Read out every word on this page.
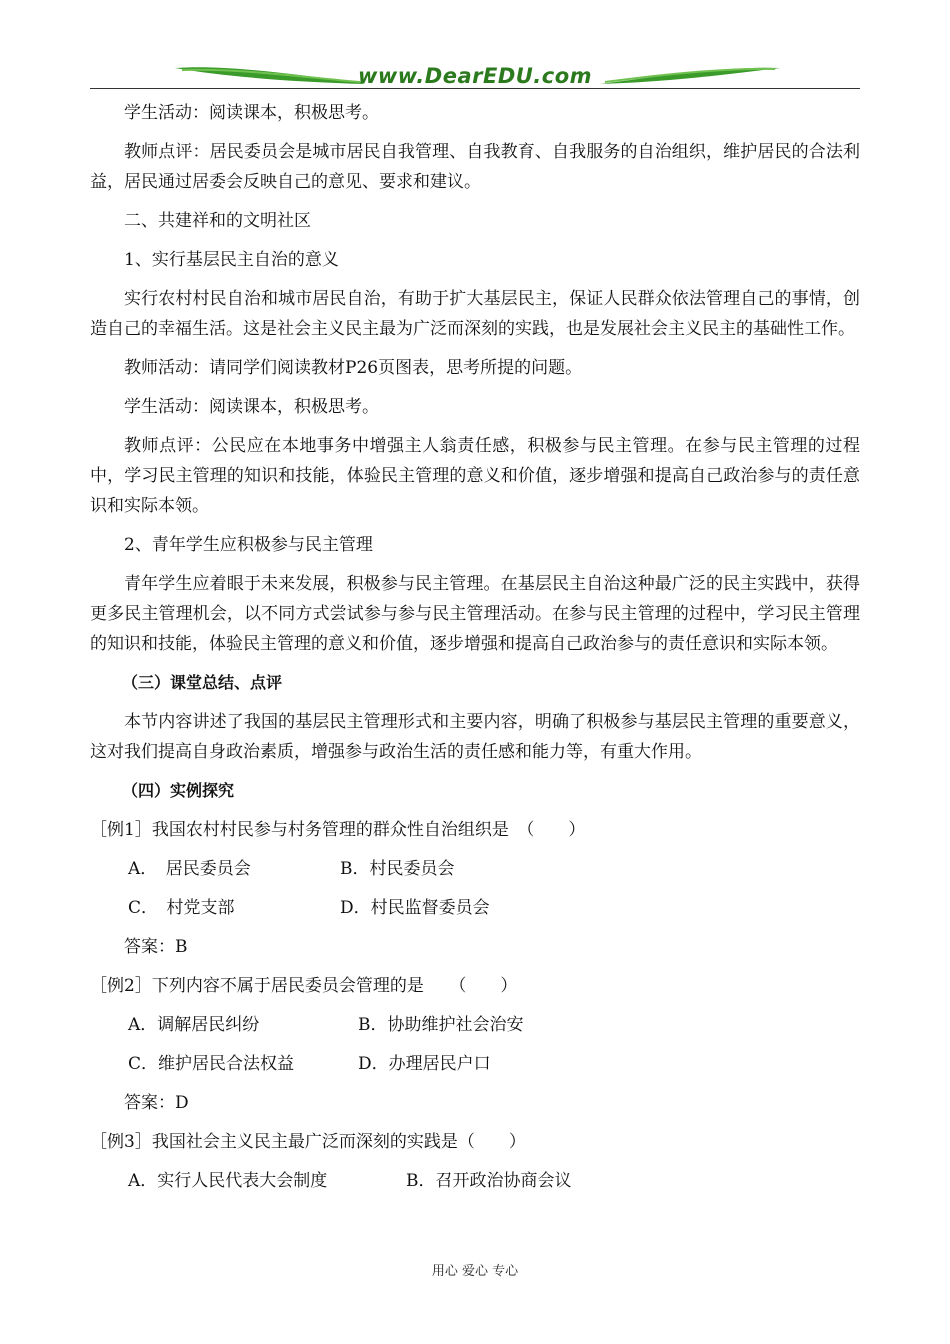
www.DearEDU.com

学生活动：阅读课本，积极思考。

教师点评：居民委员会是城市居民自我管理、自我教育、自我服务的自治组织，维护居民的合法利益，居民通过居委会反映自己的意见、要求和建议。

二、共建祥和的文明社区

1、实行基层民主自治的意义

实行农村村民自治和城市居民自治，有助于扩大基层民主，保证人民群众依法管理自己的事情，创造自己的幸福生活。这是社会主义民主最为广泛而深刻的实践，也是发展社会主义民主的基础性工作。

教师活动：请同学们阅读教材P26页图表，思考所提的问题。

学生活动：阅读课本，积极思考。

教师点评：公民应在本地事务中增强主人翁责任感，积极参与民主管理。在参与民主管理的过程中，学习民主管理的知识和技能，体验民主管理的意义和价值，逐步增强和提高自己政治参与的责任意识和实际本领。

2、青年学生应积极参与民主管理

青年学生应着眼于未来发展，积极参与民主管理。在基层民主自治这种最广泛的民主实践中，获得更多民主管理机会，以不同方式尝试参与参与民主管理活动。在参与民主管理的过程中，学习民主管理的知识和技能，体验民主管理的意义和价值，逐步增强和提高自己政治参与的责任意识和实际本领。

（三）课堂总结、点评

本节内容讲述了我国的基层民主管理形式和主要内容，明确了积极参与基层民主管理的重要意义，这对我们提高自身政治素质，增强参与政治生活的责任感和能力等，有重大作用。

（四）实例探究

［例1］我国农村村民参与村务管理的群众性自治组织是　（　　）

A．　居民委员会	B．村民委员会
C．　村党支部	D．村民监督委员会

答案：B

［例2］下列内容不属于居民委员会管理的是　　（　　）

A．调解居民纠纷	B．协助维护社会治安
C．维护居民合法权益	D．办理居民户口

答案：D

［例3］我国社会主义民主最广泛而深刻的实践是（　　）

A．实行人民代表大会制度	B．召开政治协商会议
用心 爱心 专心
